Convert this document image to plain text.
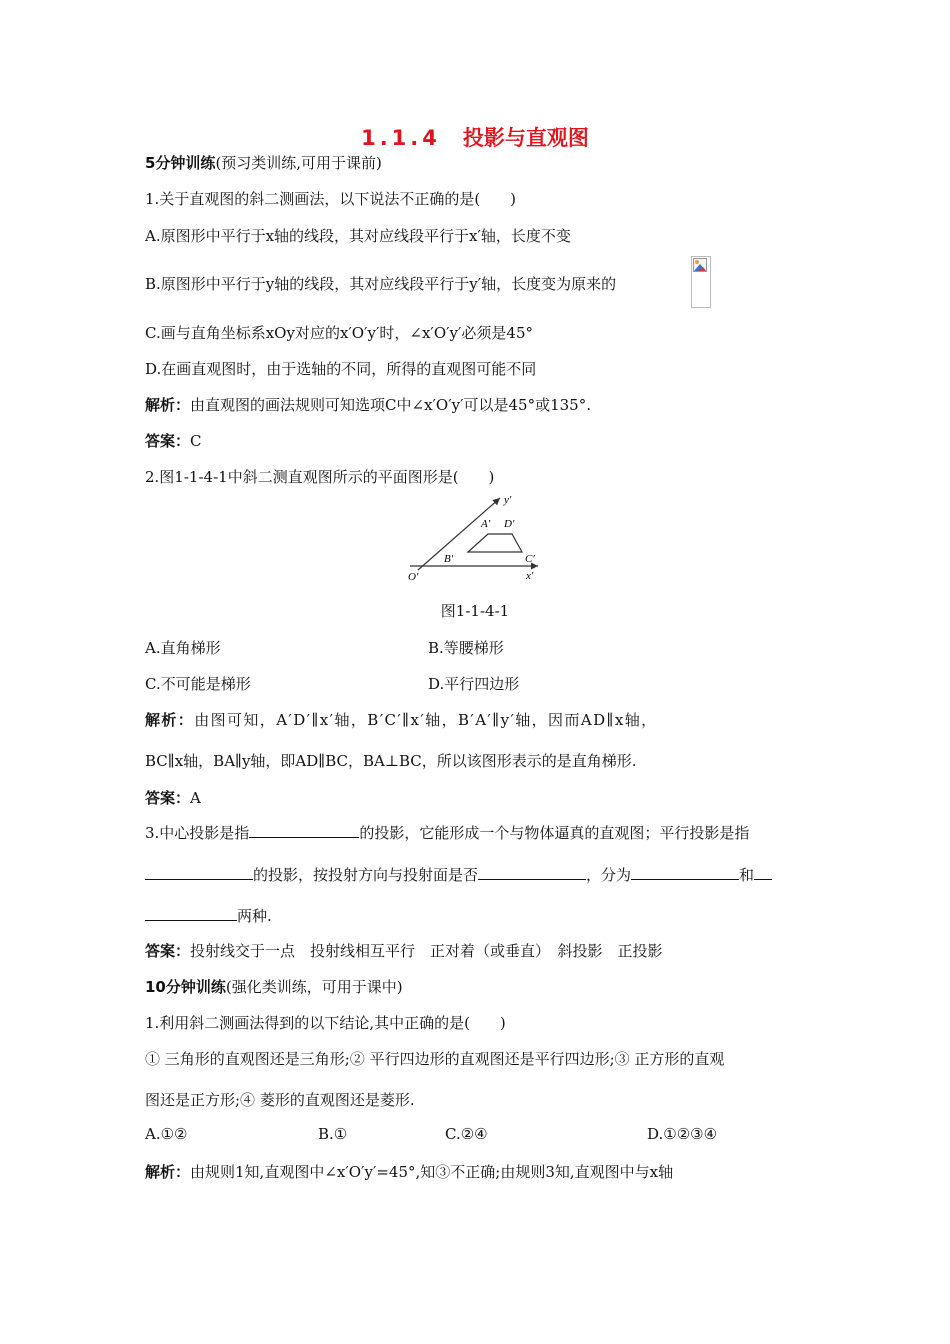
1.1.4 投影与直观图
5分钟训练(预习类训练,可用于课前)
1.关于直观图的斜二测画法，以下说法不正确的是(　　)
A.原图形中平行于x轴的线段，其对应线段平行于x′轴，长度不变
B.原图形中平行于y轴的线段，其对应线段平行于y′轴，长度变为原来的
C.画与直角坐标系xOy对应的x′O′y′时，∠x′O′y′必须是45°
D.在画直观图时，由于选轴的不同，所得的直观图可能不同
解析：由直观图的画法规则可知选项C中∠x′O′y′可以是45°或135°.
答案：C
2.图1-1-4-1中斜二测直观图所示的平面图形是(　　)
y′
A′ D′
B′	C′
O′	x′
图1-1-4-1
A.直角梯形	B.等腰梯形
C.不可能是梯形	D.平行四边形
解析：由图可知，A′D′∥x′轴，B′C′∥x′轴，B′A′∥y′轴，因而AD∥x轴，
BC∥x轴，BA∥y轴，即AD∥BC，BA⊥BC，所以该图形表示的是直角梯形.
答案：A
3.中心投影是指	的投影，它能形成一个与物体逼真的直观图；平行投影是指
的投影，按投射方向与投射面是否	，分为	和
两种.
答案：投射线交于一点　投射线相互平行　正对着（或垂直）　斜投影　正投影
10分钟训练(强化类训练，可用于课中)
1.利用斜二测画法得到的以下结论,其中正确的是(　　)
① 三角形的直观图还是三角形;② 平行四边形的直观图还是平行四边形;③ 正方形的直观
图还是正方形;④ 菱形的直观图还是菱形.
A.①②	B.①	C.②④	D.①②③④
解析：由规则1知,直观图中∠x′O′y′=45°,知③不正确;由规则3知,直观图中与x轴
